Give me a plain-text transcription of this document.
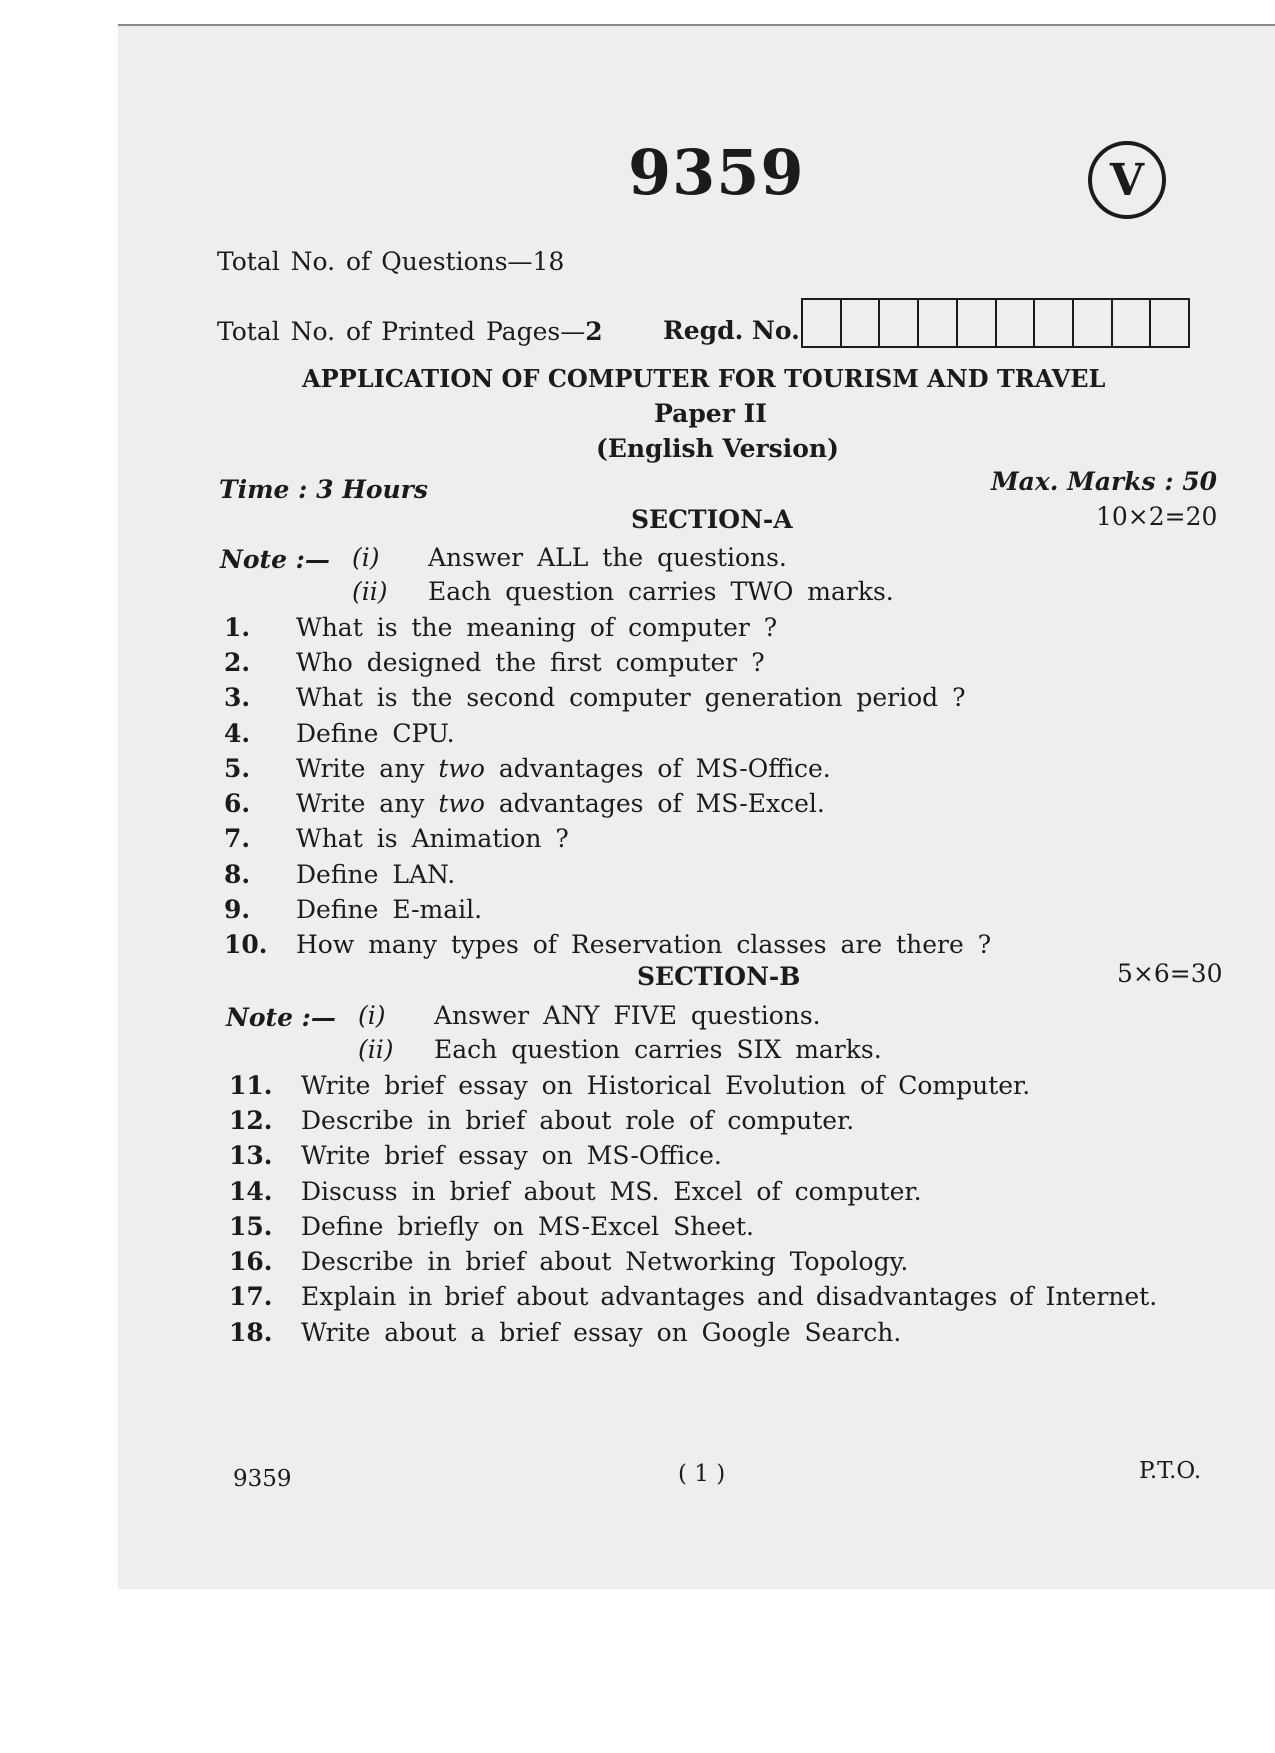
9359	V
Total No. of Questions—18
Total No. of Printed Pages—2 Regd. No.
APPLICATION OF COMPUTER FOR TOURISM AND TRAVEL
Paper II
(English Version)
Time : 3 Hours	Max. Marks : 50
SECTION-A	10×2=20
Note :— (i) Answer ALL the questions.
(ii) Each question carries TWO marks.
1. What is the meaning of computer ?
2. Who designed the first computer ?
3. What is the second computer generation period ?
4. Define CPU.
5. Write any two advantages of MS-Office.
6. Write any two advantages of MS-Excel.
7. What is Animation ?
8. Define LAN.
9. Define E-mail.
10. How many types of Reservation classes are there ?
SECTION-B	5×6=30
Note :— (i) Answer ANY FIVE questions.
(ii) Each question carries SIX marks.
11. Write brief essay on Historical Evolution of Computer.
12. Describe in brief about role of computer.
13. Write brief essay on MS-Office.
14. Discuss in brief about MS. Excel of computer.
15. Define briefly on MS-Excel Sheet.
16. Describe in brief about Networking Topology.
17. Explain in brief about advantages and disadvantages of Internet.
18. Write about a brief essay on Google Search.
9359	( 1 )	P.T.O.
